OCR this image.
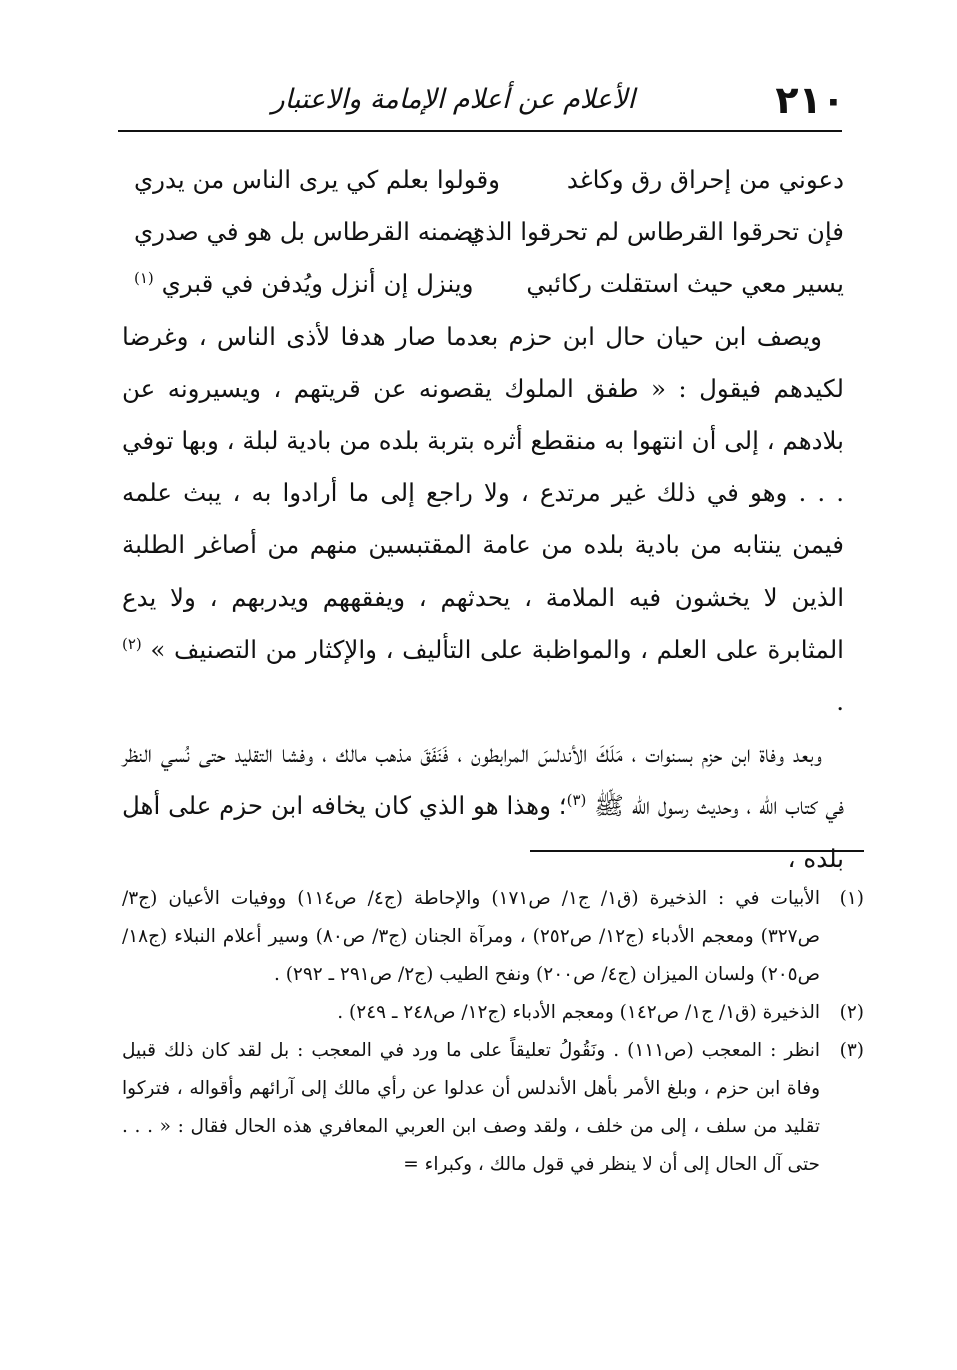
٢١٠
الأعلام عن أعلام الإمامة والاعتبار
دعوني من إحراق رق وكاغد
وقولوا بعلم كي يرى الناس من يدري
فإن تحرقوا القرطاس لم تحرقوا الذي
تضمنه القرطاس بل هو في صدري
يسير معي حيث استقلت ركائبي
وينزل إن أنزل ويُدفن في قبري $^{(١)}$
ويصف ابن حيان حال ابن حزم بعدما صار هدفا لأذى الناس ، وغرضا لكيدهم فيقول : « طفق الملوك يقصونه عن قريتهم ، ويسيرونه عن بلادهم ، إلى أن انتهوا به منقطع أثره بتربة بلده من بادية لبلة ، وبها توفي . . . وهو في ذلك غير مرتدع ، ولا راجع إلى ما أرادوا به ، يبث علمه فيمن ينتابه من بادية بلده من عامة المقتبسين منهم من أصاغر الطلبة الذين لا يخشون فيه الملامة ، يحدثهم ، ويفقههم ويدربهم ، ولا يدع المثابرة على العلم ، والمواظبة على التأليف ، والإكثار من التصنيف » $^{(٢)}$ .
وبعد وفاة ابن حزم بسنوات ، مَلَكَ الأندلسَ المرابطون ، فَنَفَقَ مذهب مالك ، وفشا التقليد حتى نُسي النظر في كتاب الله ، وحديث رسول الله ﷺ $^{(٣)}$؛ وهذا هو الذي كان يخافه ابن حزم على أهل بلده ،
(١)
الأبيات في : الذخيرة (ق١/ ج١/ ص١٧١) والإحاطة (ج٤/ ص١١٤) ووفيات الأعيان (ج٣/ ص٣٢٧) ومعجم الأدباء (ج١٢/ ص٢٥٢) ، ومرآة الجنان (ج٣/ ص٨٠) وسير أعلام النبلاء (ج١٨/ ص٢٠٥) ولسان الميزان (ج٤/ ص٢٠٠) ونفح الطيب (ج٢/ ص٢٩١ ـ ٢٩٢) .
(٢)
الذخيرة (ق١/ ج١/ ص١٤٢) ومعجم الأدباء (ج١٢/ ص٢٤٨ ـ ٢٤٩) .
(٣)
انظر : المعجب (ص١١١) . ونَقُولُ تعليقاً على ما ورد في المعجب : بل لقد كان ذلك قبيل وفاة ابن حزم ، وبلغ الأمر بأهل الأندلس أن عدلوا عن رأي مالك إلى آرائهم وأقواله ، فتركوا تقليد من سلف ، إلى من خلف ، ولقد وصف ابن العربي المعافري هذه الحال فقال : « . . . حتى آل الحال إلى أن لا ينظر في قول مالك ، وكبراء =
